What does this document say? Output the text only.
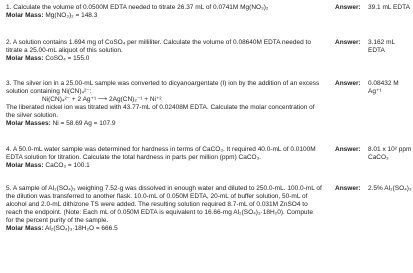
1. Calculate the volume of 0.0500M EDTA needed to titrate 26.37 mL of 0.0741M Mg(NO₃)₂
Molar Mass: Mg(NO₃)₂ = 148.3
Answer: 39.1 mL EDTA
2. A solution contains 1.694 mg of CoSO₄ per milliliter. Calculate the volume of 0.08640M EDTA needed to titrate a 25.00-mL aliquot of this solution.
Molar Mass: CoSO₄ = 155.0
Answer: 3.162 mL EDTA
3. The silver ion in a 25.00-mL sample was converted to dicyanoargentate (I) ion by the addition of an excess solution containing Ni(CN)₄²⁻:
Ni(CN)₄²⁻ + 2 Ag⁺¹ ⟶ 2Ag(CN)₂⁻¹ + Ni⁺²
The liberated nickel ion was titrated with 43.77-mL of 0.02408M EDTA. Calculate the molar concentration of the silver solution.
Molar Masses: Ni = 58.69 Ag = 107.9
Answer: 0.08432 M Ag⁺¹
4. A 50.0-mL water sample was determined for hardness in terms of CaCO₃. It required 40.0-mL of 0.0100M EDTA solution for titration. Calculate the total hardness in parts per million (ppm) CaCO₃.
Molar Mass: CaCO₃ = 100.1
Answer: 8.01 x 10² ppm CaCO₃
5. A sample of Al₂(SO₄)₃ weighing 7.52-g was dissolved in enough water and diluted to 250.0-mL. 100.0-mL of the dilution was transferred to another flask. 10.0-mL of 0.050M EDTA, 20-mL of buffer solution, 50-mL of alcohol and 2.0-mL dithizone TS were added. The resulting solution required 8.7-mL of 0.031M ZnSO4 to reach the endpoint. (Note: Each mL of 0.050M EDTA is equivalent to 16.66-mg Al₂(SO₄)₃·18H₂0). Compute for the percent purity of the sample.
Molar Mass: Al₂(SO₄)₃·18H₂O = 666.5
Answer: 2.5% Al₂(SO₄)₃
